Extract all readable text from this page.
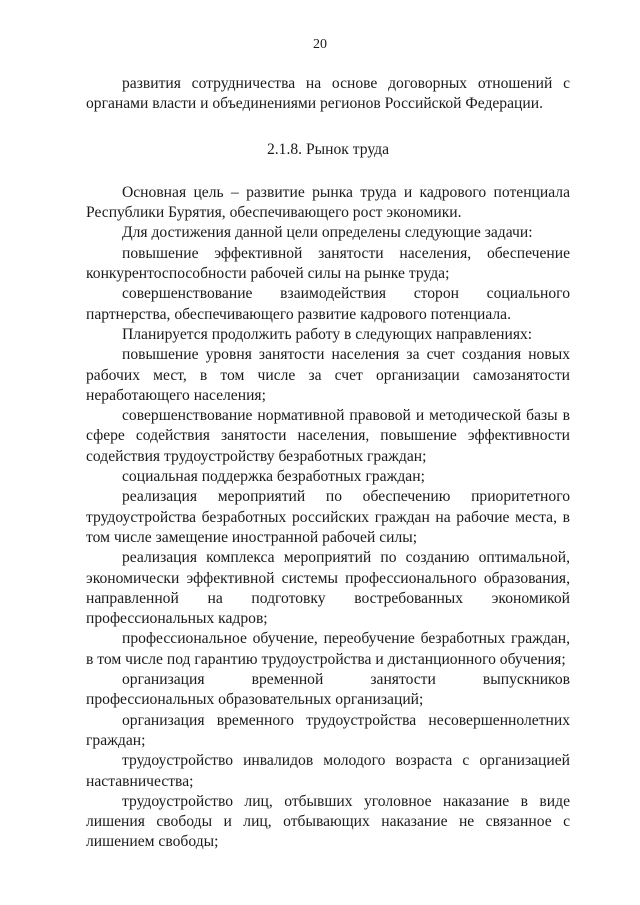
20

развития сотрудничества на основе договорных отношений с органами власти и объединениями регионов Российской Федерации.

2.1.8. Рынок труда

Основная цель – развитие рынка труда и кадрового потенциала Республики Бурятия, обеспечивающего рост экономики.

Для достижения данной цели определены следующие задачи:

повышение эффективной занятости населения, обеспечение конкурентоспособности рабочей силы на рынке труда;

совершенствование взаимодействия сторон социального партнерства, обеспечивающего развитие кадрового потенциала.

Планируется продолжить работу в следующих направлениях:

повышение уровня занятости населения за счет создания новых рабочих мест, в том числе за счет организации самозанятости неработающего населения;

совершенствование нормативной правовой и методической базы в сфере содействия занятости населения, повышение эффективности содействия трудоустройству безработных граждан;

социальная поддержка безработных граждан;

реализация мероприятий по обеспечению приоритетного трудоустройства безработных российских граждан на рабочие места, в том числе замещение иностранной рабочей силы;

реализация комплекса мероприятий по созданию оптимальной, экономически эффективной системы профессионального образования, направленной на подготовку востребованных экономикой профессиональных кадров;

профессиональное обучение, переобучение безработных граждан, в том числе под гарантию трудоустройства и дистанционного обучения;

организация временной занятости выпускников профессиональных образовательных организаций;

организация временного трудоустройства несовершеннолетних граждан;

трудоустройство инвалидов молодого возраста с организацией наставничества;

трудоустройство лиц, отбывших уголовное наказание в виде лишения свободы и лиц, отбывающих наказание не связанное с лишением свободы;
